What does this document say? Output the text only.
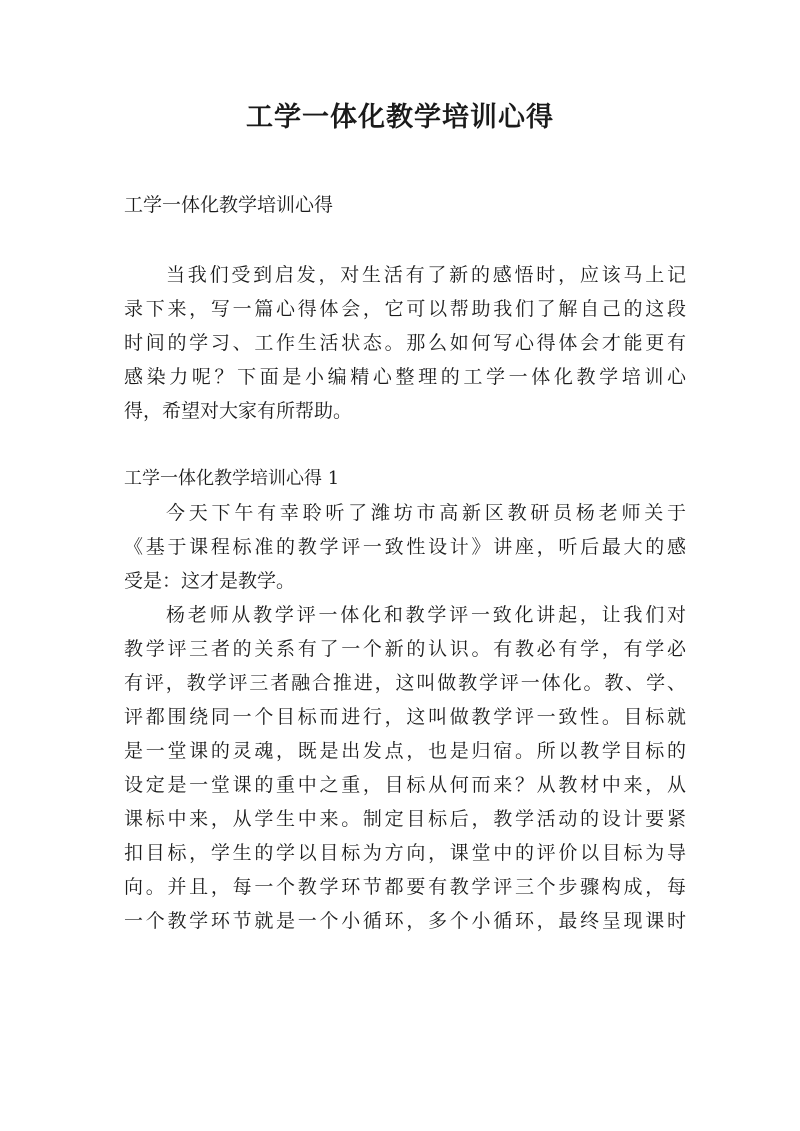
工学一体化教学培训心得
工学一体化教学培训心得
当我们受到启发，对生活有了新的感悟时，应该马上记
录下来，写一篇心得体会，它可以帮助我们了解自己的这段
时间的学习、工作生活状态。那么如何写心得体会才能更有
感染力呢？下面是小编精心整理的工学一体化教学培训心
得，希望对大家有所帮助。
工学一体化教学培训心得 1
今天下午有幸聆听了潍坊市高新区教研员杨老师关于
《基于课程标准的教学评一致性设计》讲座，听后最大的感
受是：这才是教学。
杨老师从教学评一体化和教学评一致化讲起，让我们对
教学评三者的关系有了一个新的认识。有教必有学，有学必
有评，教学评三者融合推进，这叫做教学评一体化。教、学、
评都围绕同一个目标而进行，这叫做教学评一致性。目标就
是一堂课的灵魂，既是出发点，也是归宿。所以教学目标的
设定是一堂课的重中之重，目标从何而来？从教材中来，从
课标中来，从学生中来。制定目标后，教学活动的设计要紧
扣目标，学生的学以目标为方向，课堂中的评价以目标为导
向。并且，每一个教学环节都要有教学评三个步骤构成，每
一个教学环节就是一个小循环，多个小循环，最终呈现课时
